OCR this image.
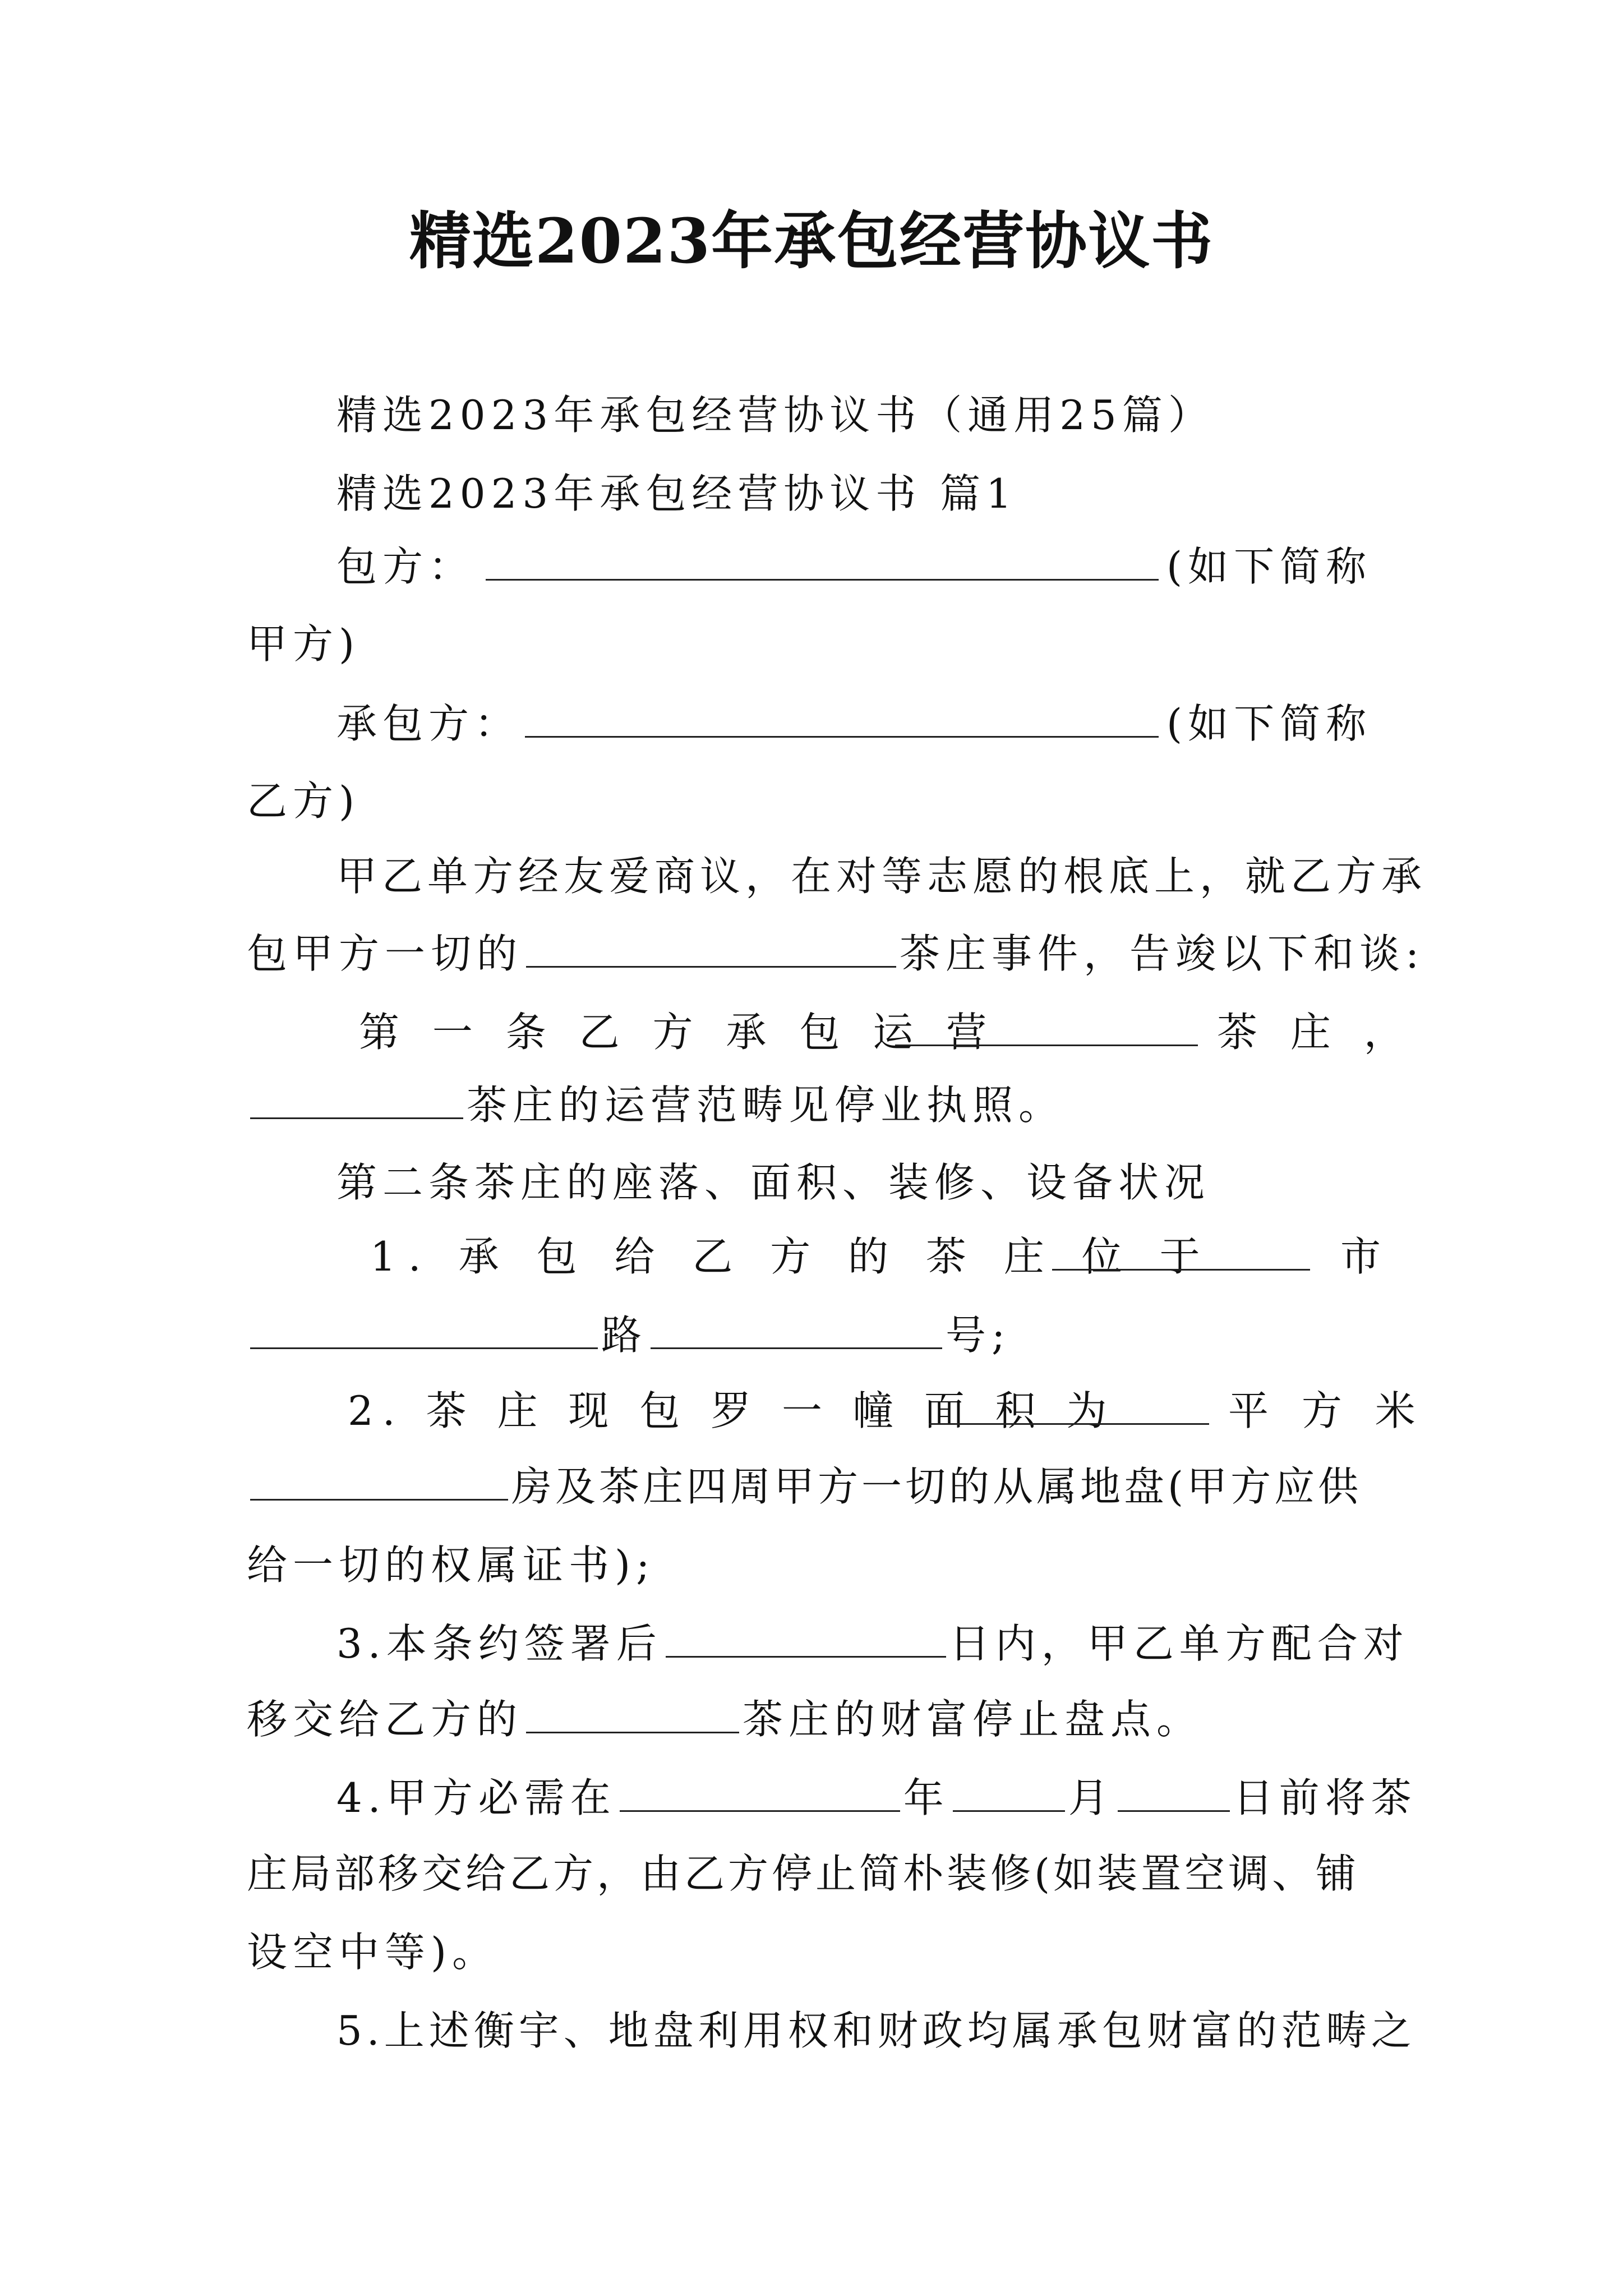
精选2023年承包经营协议书
精选2023年承包经营协议书（通用25篇）
精选2023年承包经营协议书 篇1
包方：	(如下简称
甲方)
承包方：	(如下简称
乙方)
甲乙单方经友爱商议，在对等志愿的根底上，就乙方承
包甲方一切的	茶庄事件，告竣以下和谈:
第 一 条 乙 方 承 包 运 营	茶 庄 ，
茶庄的运营范畴见停业执照。
第二条茶庄的座落、面积、装修、设备状况
1. 承 包 给 乙 方 的 茶 庄 位 于	市
路	号;
2. 茶 庄 现 包 罗 一 幢 面 积 为	平 方 米
房及茶庄四周甲方一切的从属地盘(甲方应供
给一切的权属证书);
3.本条约签署后	日内，甲乙单方配合对
移交给乙方的	茶庄的财富停止盘点。
4.甲方必需在	年	月	日前将茶
庄局部移交给乙方，由乙方停止简朴装修(如装置空调、铺
设空中等)。
5.上述衡宇、地盘利用权和财政均属承包财富的范畴之
